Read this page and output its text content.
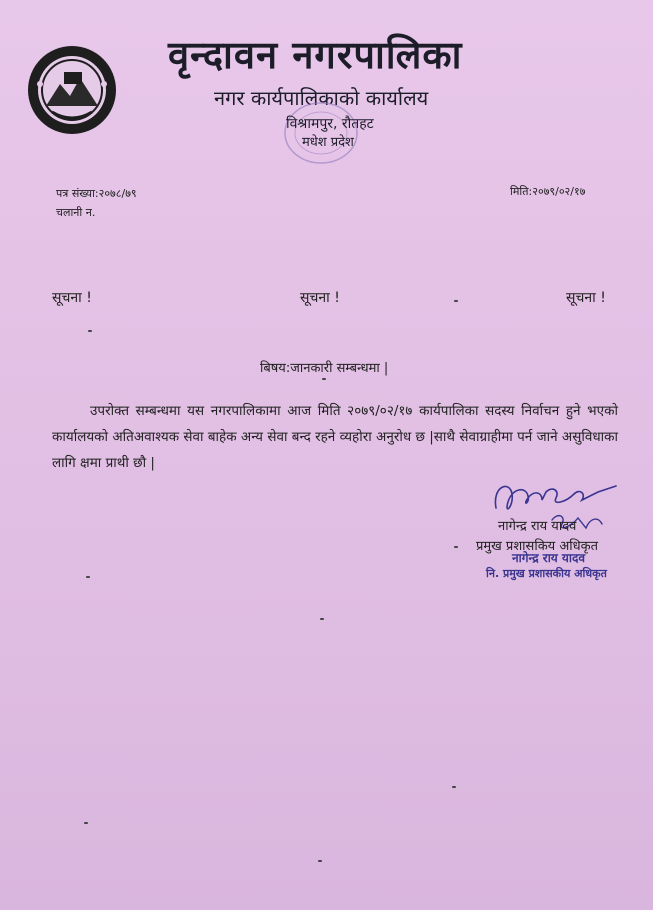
वृन्दावन नगरपालिका
नगर कार्यपालिकाको कार्यालय
विश्रामपुर, रौतहट
मधेश प्रदेश
पत्र संख्या:२०७८/७९
चलानी न.
मिति:२०७९/०२/१७
सूचना !	सूचना !	सूचना !
बिषय:जानकारी सम्बन्धमा |
उपरोक्त सम्बन्धमा यस नगरपालिकामा आज मिति २०७९/०२/१७ कार्यपालिका सदस्य निर्वाचन हुने भएको कार्यालयको अतिअवाश्यक सेवा बाहेक अन्य सेवा बन्द रहने व्यहोरा अनुरोध छ |साथै सेवाग्राहीमा पर्न जाने असुविधाका लागि क्षमा प्राथी छौ |
नागेन्द्र राय यादव
प्रमुख प्रशासकिय अधिकृत
नागेन्द्र राय यादव
नि. प्रमुख प्रशासकीय अधिकृत
